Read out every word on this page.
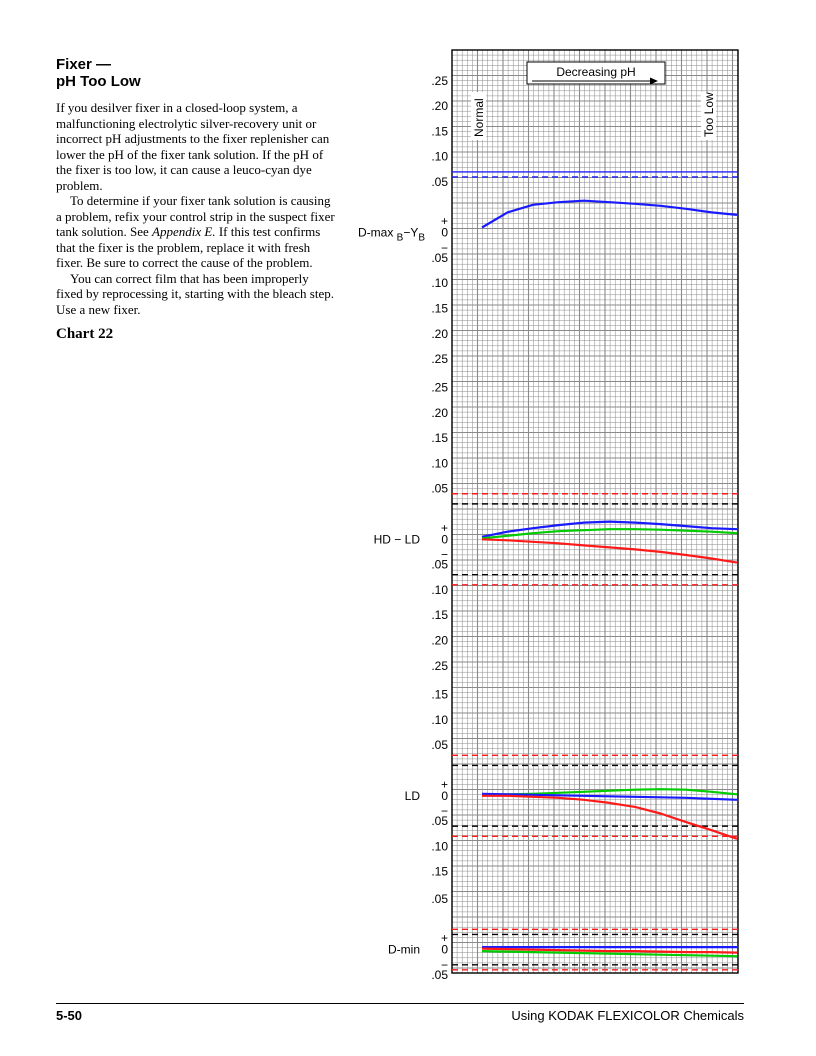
Fixer —
pH Too Low

If you desilver fixer in a closed-loop system, a malfunctioning electrolytic silver-recovery unit or incorrect pH adjustments to the fixer replenisher can lower the pH of the fixer tank solution. If the pH of the fixer is too low, it can cause a leuco-cyan dye problem.

To determine if your fixer tank solution is causing a problem, refix your control strip in the suspect fixer tank solution. See Appendix E. If this test confirms that the fixer is the problem, replace it with fresh fixer. Be sure to correct the cause of the problem.

You can correct film that has been improperly fixed by reprocessing it, starting with the bleach step. Use a new fixer.

Chart 22
Decreasing pH
Normal	Too Low
.25
.20
.15
.10
.05
+
0
−
.05
.10
.15
.20
.25
D-max $_B-Y_B$
.25
.20
.15
.10
.05
+
0
−
.05
.10
.15
.20
.25
HD − LD
.15
.10
.05
+
0
−
.05
.10
.15
LD
.05
+
0
−
.05
D-min
5-50	Using KODAK FLEXICOLOR Chemicals
